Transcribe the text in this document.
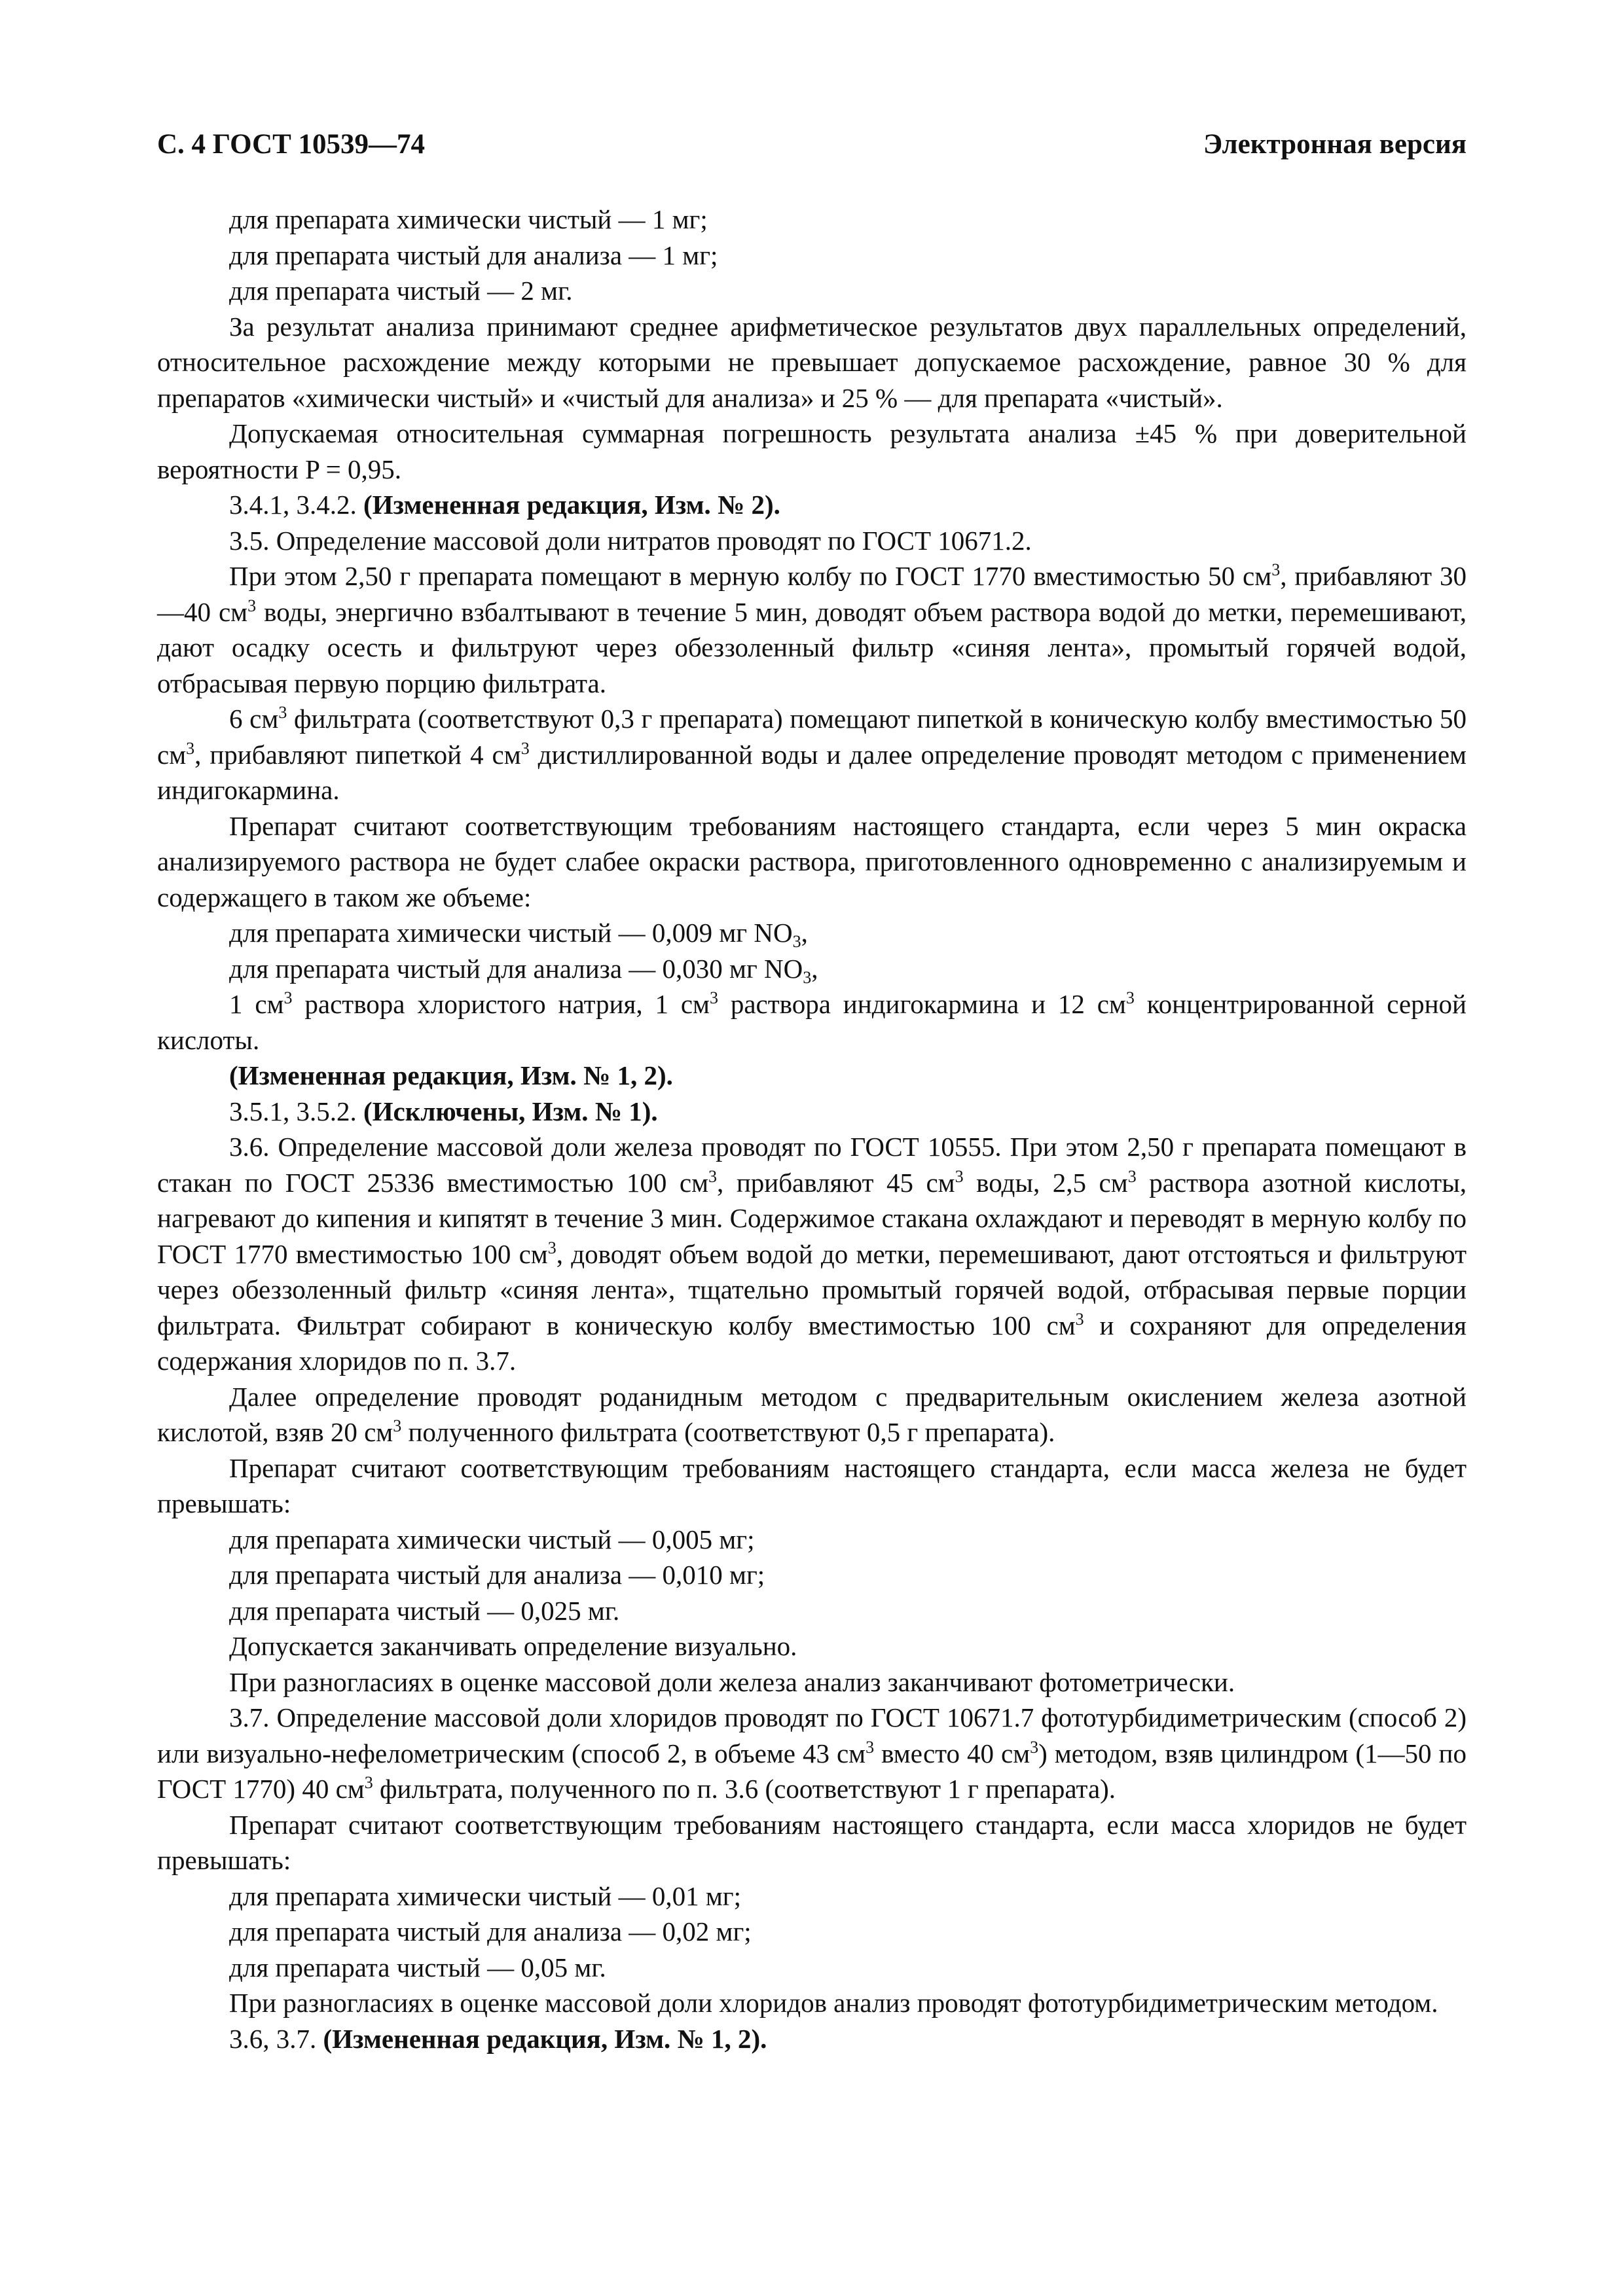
С. 4 ГОСТ 10539—74	Электронная версия

для препарата химически чистый — 1 мг;

для препарата чистый для анализа — 1 мг;

для препарата чистый — 2 мг.

За результат анализа принимают среднее арифметическое результатов двух параллельных определений, относительное расхождение между которыми не превышает допускаемое расхождение, равное 30 % для препаратов «химически чистый» и «чистый для анализа» и 25 % — для препарата «чистый».

Допускаемая относительная суммарная погрешность результата анализа ±45 % при доверительной вероятности P = 0,95.

3.4.1, 3.4.2. (Измененная редакция, Изм. № 2).

3.5. Определение массовой доли нитратов проводят по ГОСТ 10671.2.

При этом 2,50 г препарата помещают в мерную колбу по ГОСТ 1770 вместимостью 50 $см^3$, прибавляют 30—40 $см^3$ воды, энергично взбалтывают в течение 5 мин, доводят объем раствора водой до метки, перемешивают, дают осадку осесть и фильтруют через обеззоленный фильтр «синяя лента», промытый горячей водой, отбрасывая первую порцию фильтрата.

6 $см^3$ фильтрата (соответствуют 0,3 г препарата) помещают пипеткой в коническую колбу вместимостью 50 $см^3$, прибавляют пипеткой 4 $см^3$ дистиллированной воды и далее определение проводят методом с применением индигокармина.

Препарат считают соответствующим требованиям настоящего стандарта, если через 5 мин окраска анализируемого раствора не будет слабее окраски раствора, приготовленного одновременно с анализируемым и содержащего в таком же объеме:

для препарата химически чистый — 0,009 мг $NO_3$,

для препарата чистый для анализа — 0,030 мг $NO_3$,

1 $см^3$ раствора хлористого натрия, 1 $см^3$ раствора индигокармина и 12 $см^3$ концентрированной серной кислоты.

(Измененная редакция, Изм. № 1, 2).

3.5.1, 3.5.2. (Исключены, Изм. № 1).

3.6. Определение массовой доли железа проводят по ГОСТ 10555. При этом 2,50 г препарата помещают в стакан по ГОСТ 25336 вместимостью 100 $см^3$, прибавляют 45 $см^3$ воды, 2,5 $см^3$ раствора азотной кислоты, нагревают до кипения и кипятят в течение 3 мин. Содержимое стакана охлаждают и переводят в мерную колбу по ГОСТ 1770 вместимостью 100 $см^3$, доводят объем водой до метки, перемешивают, дают отстояться и фильтруют через обеззоленный фильтр «синяя лента», тщательно промытый горячей водой, отбрасывая первые порции фильтрата. Фильтрат собирают в коническую колбу вместимостью 100 $см^3$ и сохраняют для определения содержания хлоридов по п. 3.7.

Далее определение проводят роданидным методом с предварительным окислением железа азотной кислотой, взяв 20 $см^3$ полученного фильтрата (соответствуют 0,5 г препарата).

Препарат считают соответствующим требованиям настоящего стандарта, если масса железа не будет превышать:

для препарата химически чистый — 0,005 мг;

для препарата чистый для анализа — 0,010 мг;

для препарата чистый — 0,025 мг.

Допускается заканчивать определение визуально.

При разногласиях в оценке массовой доли железа анализ заканчивают фотометрически.

3.7. Определение массовой доли хлоридов проводят по ГОСТ 10671.7 фототурбидиметрическим (способ 2) или визуально-нефелометрическим (способ 2, в объеме 43 $см^3$ вместо 40 $см^3$) методом, взяв цилиндром (1—50 по ГОСТ 1770) 40 $см^3$ фильтрата, полученного по п. 3.6 (соответствуют 1 г препарата).

Препарат считают соответствующим требованиям настоящего стандарта, если масса хлоридов не будет превышать:

для препарата химически чистый — 0,01 мг;

для препарата чистый для анализа — 0,02 мг;

для препарата чистый — 0,05 мг.

При разногласиях в оценке массовой доли хлоридов анализ проводят фототурбидиметрическим методом.

3.6, 3.7. (Измененная редакция, Изм. № 1, 2).
